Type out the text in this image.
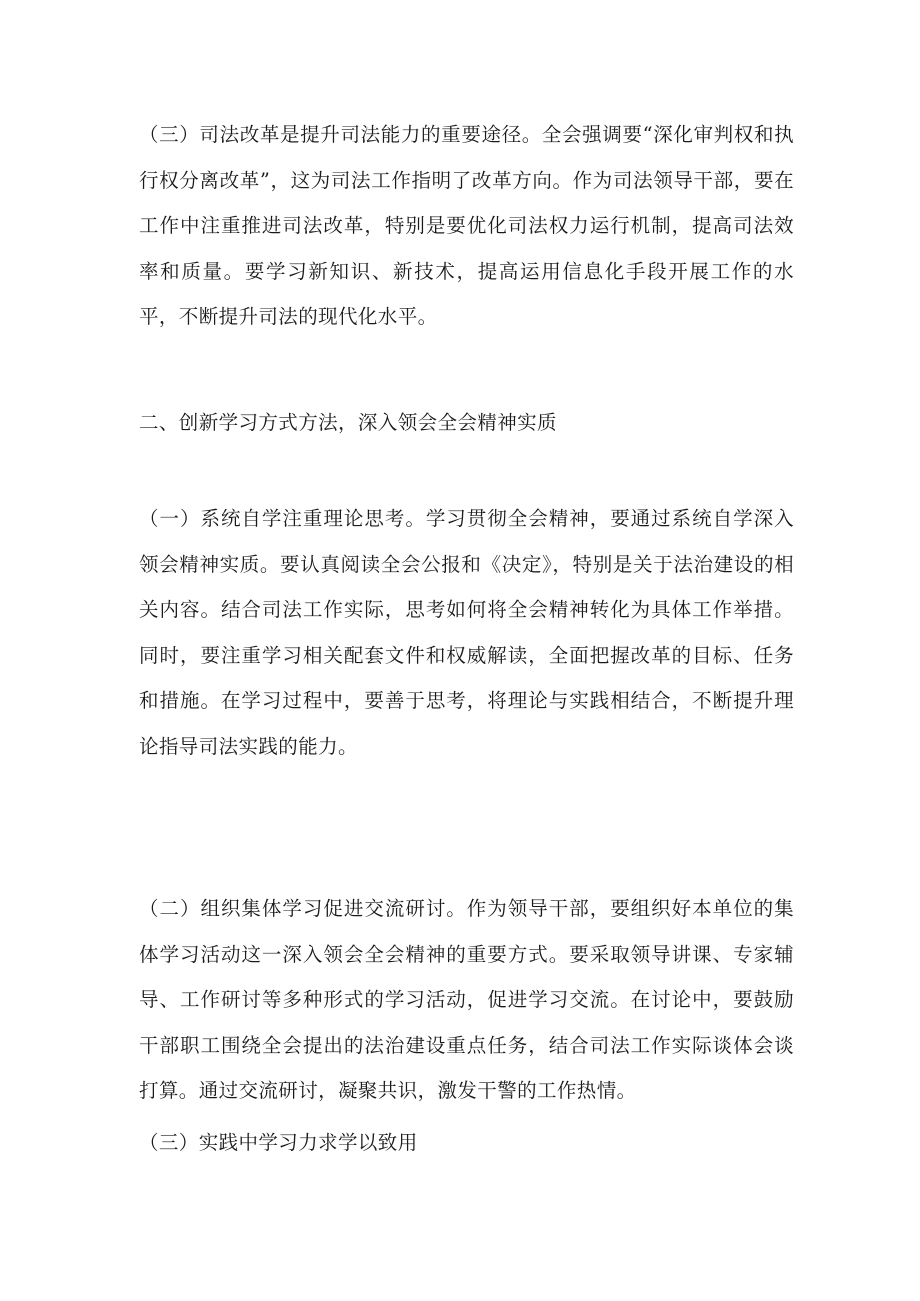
（三）司法改革是提升司法能力的重要途径。全会强调要“深化审判权和执行权分离改革”，这为司法工作指明了改革方向。作为司法领导干部，要在工作中注重推进司法改革，特别是要优化司法权力运行机制，提高司法效率和质量。要学习新知识、新技术，提高运用信息化手段开展工作的水平，不断提升司法的现代化水平。

二、创新学习方式方法，深入领会全会精神实质

（一）系统自学注重理论思考。学习贯彻全会精神，要通过系统自学深入领会精神实质。要认真阅读全会公报和《决定》，特别是关于法治建设的相关内容。结合司法工作实际，思考如何将全会精神转化为具体工作举措。同时，要注重学习相关配套文件和权威解读，全面把握改革的目标、任务和措施。在学习过程中，要善于思考，将理论与实践相结合，不断提升理论指导司法实践的能力。

（二）组织集体学习促进交流研讨。作为领导干部，要组织好本单位的集体学习活动这一深入领会全会精神的重要方式。要采取领导讲课、专家辅导、工作研讨等多种形式的学习活动，促进学习交流。在讨论中，要鼓励干部职工围绕全会提出的法治建设重点任务，结合司法工作实际谈体会谈打算。通过交流研讨，凝聚共识，激发干警的工作热情。

（三）实践中学习力求学以致用
